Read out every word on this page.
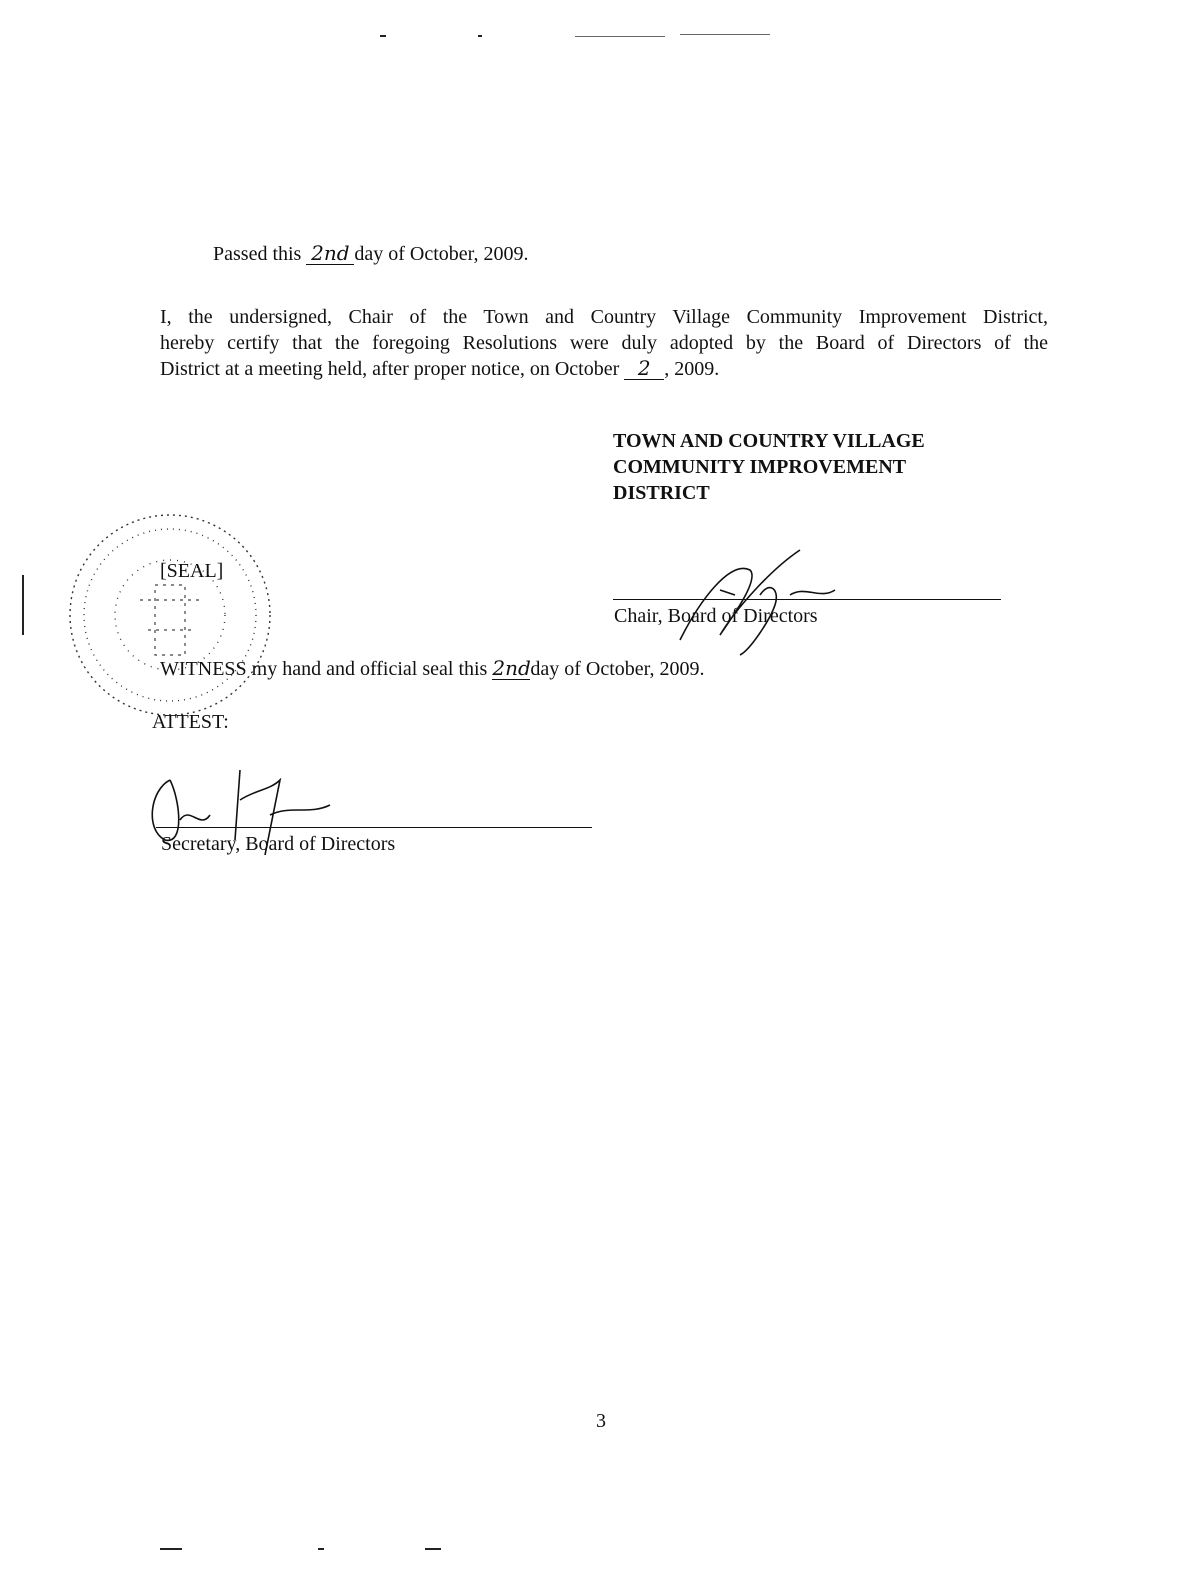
Passed this 2nd day of October, 2009.
I, the undersigned, Chair of the Town and Country Village Community Improvement District,
hereby certify that the foregoing Resolutions were duly adopted by the Board of Directors of the
District at a meeting held, after proper notice, on October 2 , 2009.
TOWN AND COUNTRY VILLAGE
COMMUNITY IMPROVEMENT
DISTRICT
[SEAL]
Chair, Board of Directors
WITNESS my hand and official seal this 2ndday of October, 2009.
ATTEST:
Secretary, Board of Directors
3
